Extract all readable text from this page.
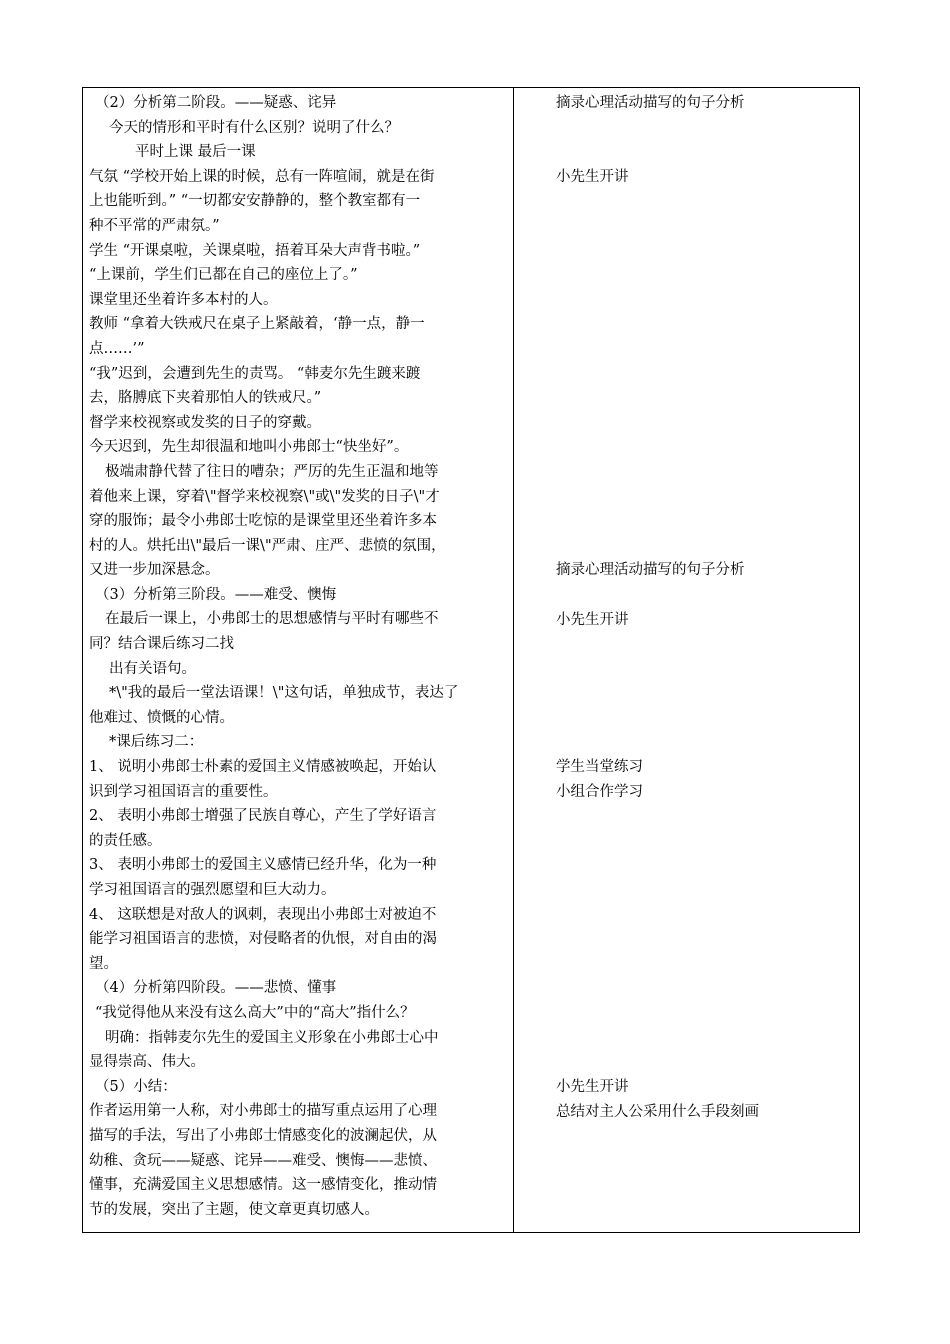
（2）分析第二阶段。——疑惑、诧异
今天的情形和平时有什么区别？说明了什么？
平时上课 最后一课
气氛 “学校开始上课的时候，总有一阵喧闹，就是在街
上也能听到。” “一切都安安静静的，整个教室都有一
种不平常的严肃氛。”
学生 “开课桌啦，关课桌啦，捂着耳朵大声背书啦。”
“上课前，学生们已都在自己的座位上了。”
课堂里还坐着许多本村的人。
教师 “拿着大铁戒尺在桌子上紧敲着，‘静一点，静一
点……’”
“我”迟到，会遭到先生的责骂。 “韩麦尔先生踱来踱
去，胳膊底下夹着那怕人的铁戒尺。”
督学来校视察或发奖的日子的穿戴。
今天迟到，先生却很温和地叫小弗郎士“快坐好”。
极端肃静代替了往日的嘈杂；严厉的先生正温和地等
着他来上课，穿着\"督学来校视察\"或\"发奖的日子\"才
穿的服饰；最令小弗郎士吃惊的是课堂里还坐着许多本
村的人。烘托出\"最后一课\"严肃、庄严、悲愤的氛围，
又进一步加深悬念。
（3）分析第三阶段。——难受、懊悔
在最后一课上，小弗郎士的思想感情与平时有哪些不
同？结合课后练习二找
出有关语句。
*\"我的最后一堂法语课！\"这句话，单独成节，表达了
他难过、愤慨的心情。
*课后练习二：
1、 说明小弗郎士朴素的爱国主义情感被唤起，开始认
识到学习祖国语言的重要性。
2、 表明小弗郎士增强了民族自尊心，产生了学好语言
的责任感。
3、 表明小弗郎士的爱国主义感情已经升华，化为一种
学习祖国语言的强烈愿望和巨大动力。
4、 这联想是对敌人的讽刺，表现出小弗郎士对被迫不
能学习祖国语言的悲愤，对侵略者的仇恨，对自由的渴
望。
（4）分析第四阶段。——悲愤、懂事
“我觉得他从来没有这么高大”中的“高大”指什么？
明确：指韩麦尔先生的爱国主义形象在小弗郎士心中
显得崇高、伟大。
（5）小结：
作者运用第一人称，对小弗郎士的描写重点运用了心理
描写的手法，写出了小弗郎士情感变化的波澜起伏，从
幼稚、贪玩——疑惑、诧异——难受、懊悔——悲愤、
懂事，充满爱国主义思想感情。这一感情变化，推动情
节的发展，突出了主题，使文章更真切感人。
摘录心理活动描写的句子分析
小先生开讲
摘录心理活动描写的句子分析
小先生开讲
学生当堂练习
小组合作学习
小先生开讲
总结对主人公采用什么手段刻画
